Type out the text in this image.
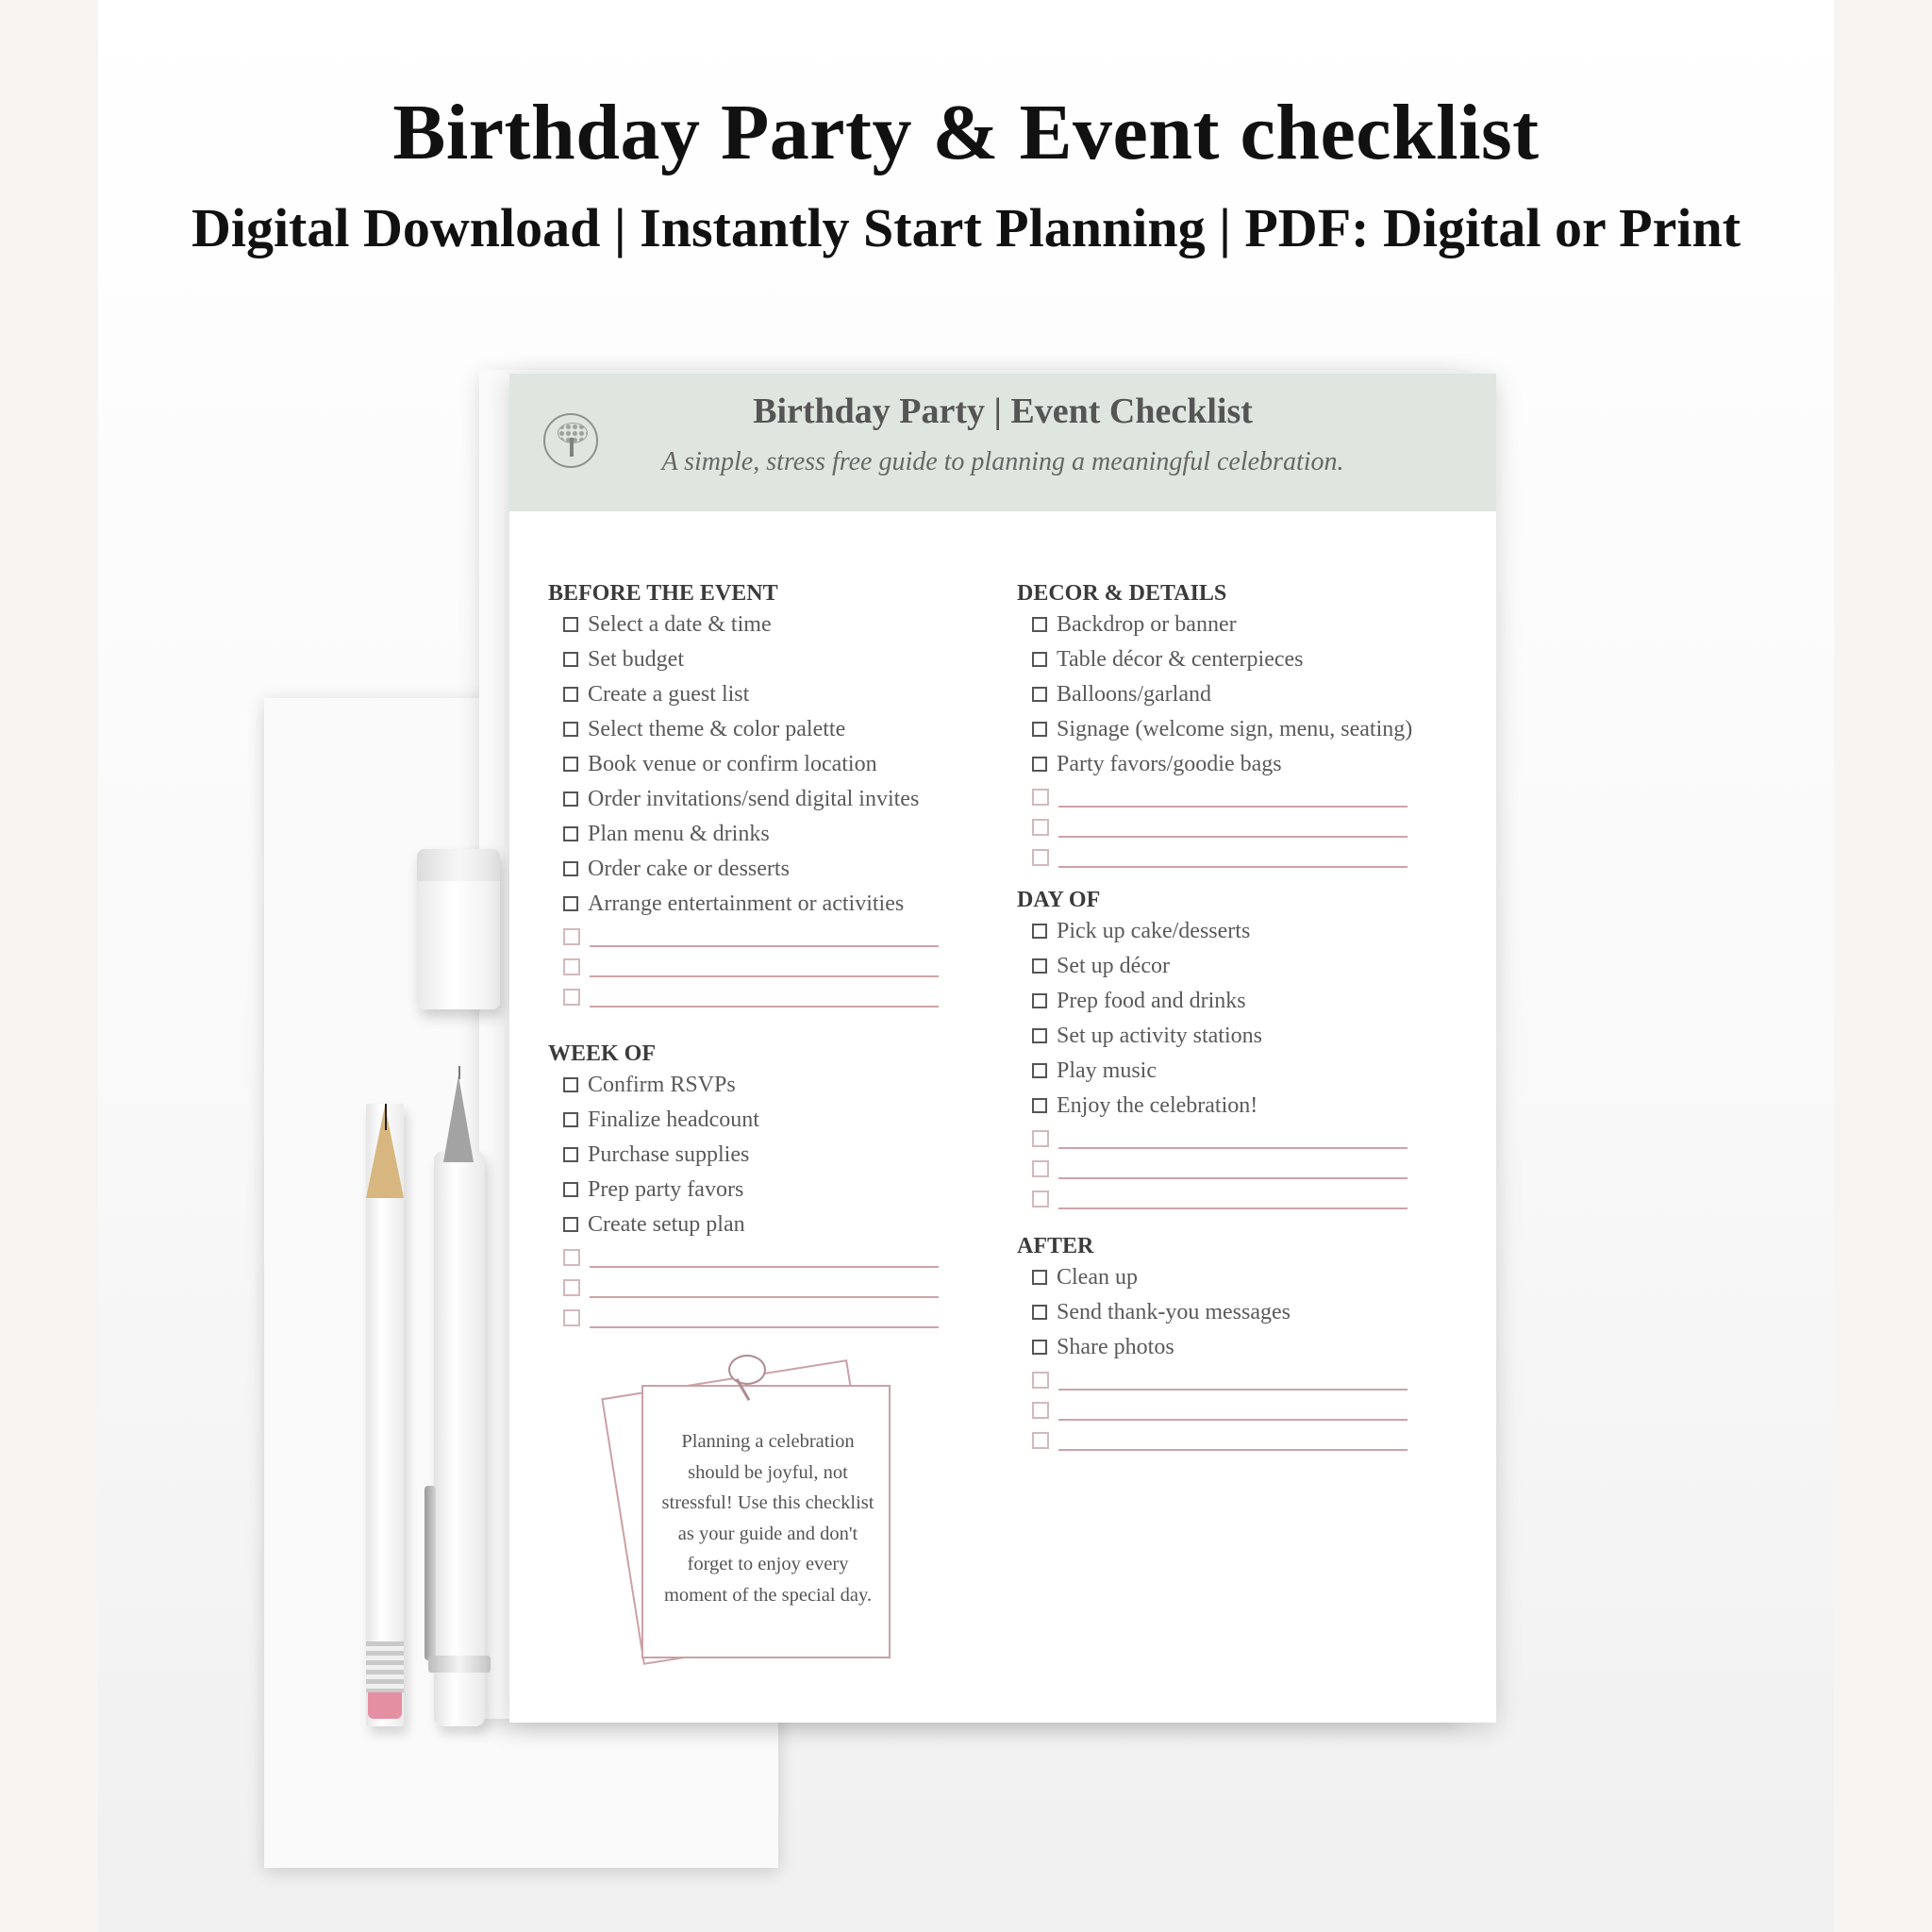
Birthday Party & Event checklist
Digital Download | Instantly Start Planning | PDF: Digital or Print
Birthday Party | Event Checklist
A simple, stress free guide to planning a meaningful celebration.
BEFORE THE EVENT
Select a date & time
Set budget
Create a guest list
Select theme & color palette
Book venue or confirm location
Order invitations/send digital invites
Plan menu & drinks
Order cake or desserts
Arrange entertainment or activities
WEEK OF
Confirm RSVPs
Finalize headcount
Purchase supplies
Prep party favors
Create setup plan
Planning a celebration should be joyful, not stressful! Use this checklist as your guide and don't forget to enjoy every moment of the special day.
DECOR & DETAILS
Backdrop or banner
Table décor & centerpieces
Balloons/garland
Signage (welcome sign, menu, seating)
Party favors/goodie bags
DAY OF
Pick up cake/desserts
Set up décor
Prep food and drinks
Set up activity stations
Play music
Enjoy the celebration!
AFTER
Clean up
Send thank-you messages
Share photos
